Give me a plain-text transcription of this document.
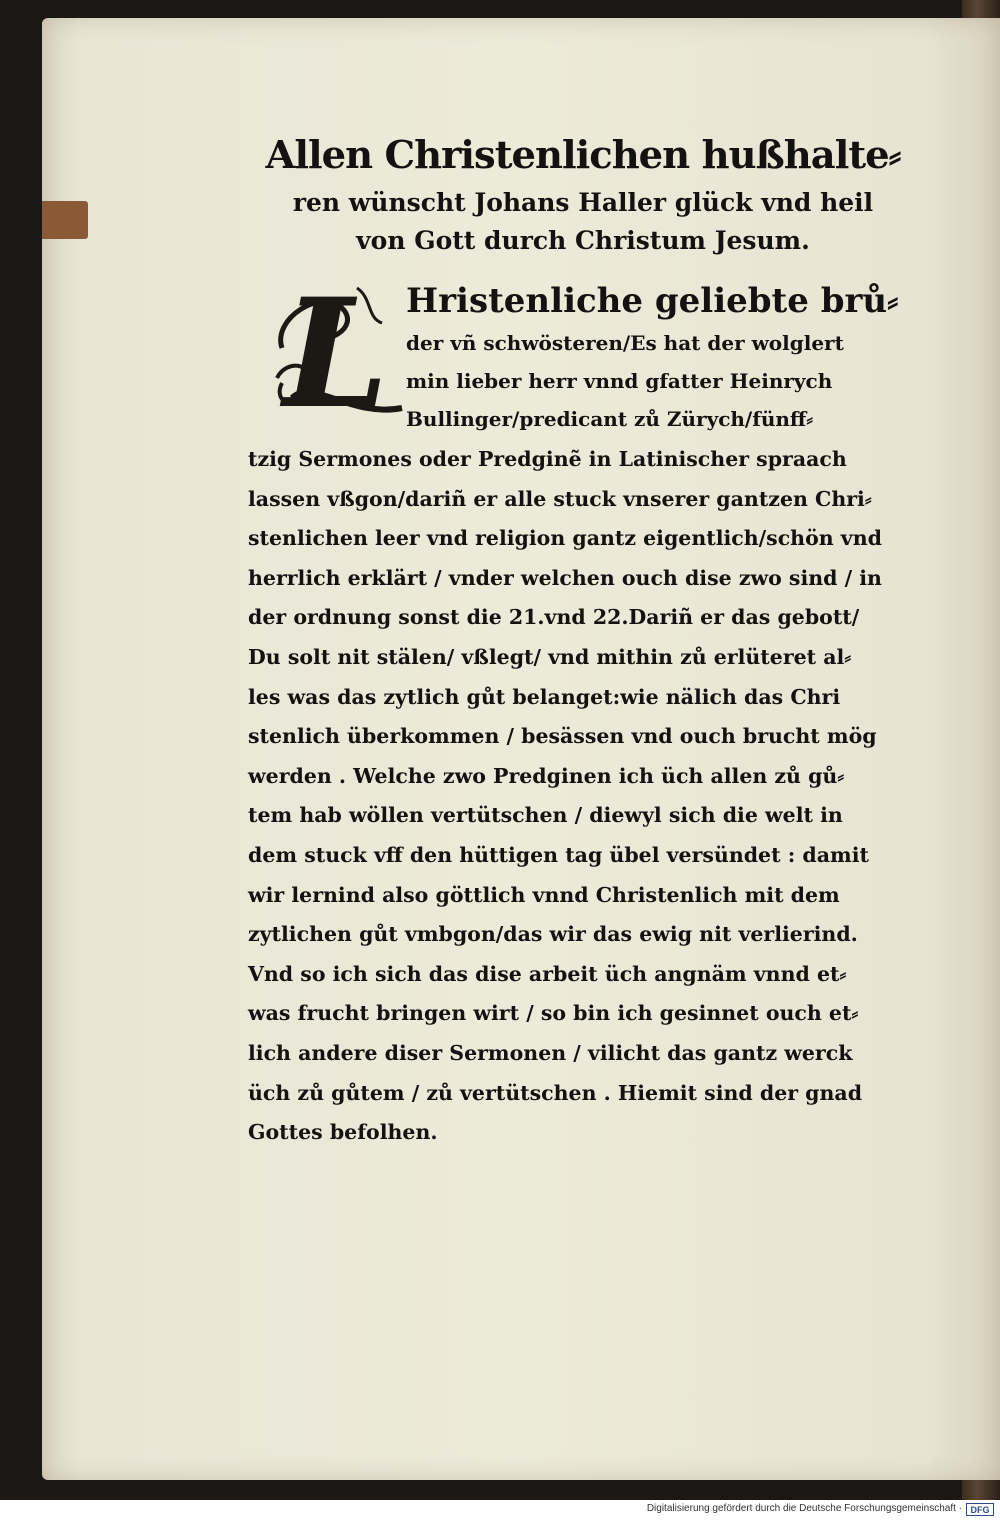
Allen Christenlichen hußhalte⸗

ren wünscht Johans Haller glück vnd heil

von Gott durch Christum Jesum.

L Hristenliche geliebte brů⸗
der vñ schwösteren/Es hat der wolglert
min lieber herr vnnd gfatter Heinrych
Bullinger/predicant zů Zürych/fünff⸗
tzig Sermones oder Predginẽ in Latinischer spraach
lassen vßgon/dariñ er alle stuck vnserer gantzen Chri⸗
stenlichen leer vnd religion gantz eigentlich/schön vnd
herrlich erklärt / vnder welchen ouch dise zwo sind / in
der ordnung sonst die 21.vnd 22.Dariñ er das gebott/
Du solt nit stälen/ vßlegt/ vnd mithin zů erlüteret al⸗
les was das zytlich gůt belanget:wie nälich das Chri
stenlich überkommen / besässen vnd ouch brucht mög
werden . Welche zwo Predginen ich üch allen zů gů⸗
tem hab wöllen vertütschen / diewyl sich die welt in
dem stuck vff den hüttigen tag übel versündet : damit
wir lernind also göttlich vnnd Christenlich mit dem
zytlichen gůt vmbgon/das wir das ewig nit verlierind.
Vnd so ich sich das dise arbeit üch angnäm vnnd et⸗
was frucht bringen wirt / so bin ich gesinnet ouch et⸗
lich andere diser Sermonen / vilicht das gantz werck
üch zů gůtem / zů vertütschen . Hiemit sind der gnad
Gottes befolhen.
Digitalisierung gefördert durch die Deutsche Forschungsgemeinschaft · DFG
